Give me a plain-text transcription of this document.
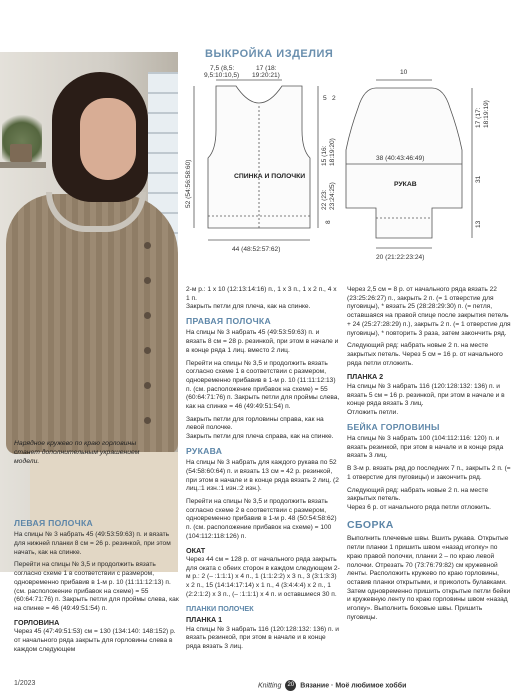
Нарядное кружево по краю горловины станет дополнительным украшением модели.
ВЫКРОЙКА ИЗДЕЛИЯ
7,5 (8,5:
9,5:10:10,5)
17 (18:
19:20:21)
52 (54:56:58:60)
5 2
15 (16: 18:19:20)
22 (23: 23:24:25)
8
44 (48:52:57:62)
10
17 (17: 18:19:19)
38 (40:43:46:49)
31
13
20 (21:22:23:24)
СПИНКА И ПОЛОЧКИ
РУКАВ
ЛЕВАЯ ПОЛОЧКА

На спицы № 3 набрать 45 (49:53:59:63) п. и вязать для нижней планки 8 см = 26 р. резинкой, при этом начать, как на спинке.

Перейти на спицы № 3,5 и продолжить вязать согласно схеме 1 в соответствии с размером, одновременно прибавив в 1-м р. 10 (11:11:12:13) п. (см. расположение прибавок на схеме) = 55 (60:64:71:76) п. Закрыть петли для проймы слева, как на спинке = 46 (49:49:51:54) п.

ГОРЛОВИНА

Через 45 (47:49:51:53) см = 130 (134:140: 148:152) р. от начального ряда закрыть для горловины слева в каждом следующем

2-м р.: 1 х 10 (12:13:14:16) п., 1 х 3 п., 1 х 2 п., 4 х 1 п.
Закрыть петли для плеча, как на спинке.

ПРАВАЯ ПОЛОЧКА

На спицы № 3 набрать 45 (49:53:59:63) п. и вязать 8 см = 28 р. резинкой, при этом в начале и в конце ряда 1 лиц. вместо 2 лиц.

Перейти на спицы № 3,5 и продолжить вязать согласно схеме 1 в соответствии с размером, одновременно прибавив в 1-м р. 10 (11:11:12:13) п. (см. расположение прибавок на схеме) = 55 (60:64:71:76) п. Закрыть петли для проймы слева, как на спинке = 46 (49:49:51:54) п.

Закрыть петли для горловины справа, как на левой полочке.
Закрыть петли для плеча справа, как на спинке.

РУКАВА

На спицы № 3 набрать для каждого рукава по 52 (54:58:60:64) п. и вязать 13 см = 42 р. резинкой, при этом в начале и в конце ряда вязать 2 лиц. (2 лиц.:1 изн.:1 изн.:2 изн.).

Перейти на спицы № 3,5 и продолжить вязать согласно схеме 2 в соответствии с размером, одновременно прибавив в 1-м р. 48 (50:54:58:62) п. (см. расположение прибавок на схеме) = 100 (104:112:118:126) п.

ОКАТ

Через 44 см = 128 р. от начального ряда закрыть для оката с обеих сторон в каждом следующем 2-м р.: 2 (– :1:1:1) х 4 п., 1 (1:1:2:2) х 3 п., 3 (3:1:3:3) х 2 п., 15 (14:14:17:14) х 1 п., 4 (3:4:4:4) х 2 п., 1 (2:2:1:2) х 3 п., (– :1:1:1) х 4 п. и оставшиеся 30 п.

ПЛАНКИ ПОЛОЧЕК
ПЛАНКА 1

На спицы № 3 набрать 116 (120:128:132: 136) п. и вязать резинкой, при этом в начале и в конце ряда вязать 3 лиц.

Через 2,5 см = 8 р. от начального ряда вязать 22 (23:25:26:27) п., закрыть 2 п. (= 1 отверстие для пуговицы), * вязать 25 (28:28:29:30) п. (= петля, оставшаяся на правой спице после закрытия петель + 24 (25:27:28:29) п.), закрыть 2 п. (= 1 отверстие для пуговицы), * повторить 3 раза, затем закончить ряд.

Следующий ряд: набрать новые 2 п. на месте закрытых петель. Через 5 см = 16 р. от начального ряда петли отложить.

ПЛАНКА 2

На спицы № 3 набрать 116 (120:128:132: 136) п. и вязать 5 см = 16 р. резинкой, при этом в начале и в конце ряда вязать 3 лиц.
Отложить петли.

БЕЙКА ГОРЛОВИНЫ

На спицы № 3 набрать 100 (104:112:116: 120) п. и вязать резинкой, при этом в начале и в конце ряда вязать 3 лиц.

В 3-м р. вязать ряд до последних 7 п., закрыть 2 п. (= 1 отверстие для пуговицы) и закончить ряд.

Следующий ряд: набрать новые 2 п. на месте закрытых петель.
Через 6 р. от начального ряда петли отложить.

СБОРКА

Выполнить плечевые швы. Вшить рукава. Открытые петли планки 1 пришить швом «назад иголку» по краю правой полочки, планки 2 – по краю левой полочки. Отрезать 70 (73:76:79:82) см кружевной ленты. Расположить кружево по краю горловины, оставив планки открытыми, и приколоть булавками. Затем одновременно пришить открытые петли бейки и кружевную ленту по краю горловины швом «назад иголку». Выполнить боковые швы. Пришить пуговицы.

1/2023	Knitting 20 Вязание · Моё любимое хобби
